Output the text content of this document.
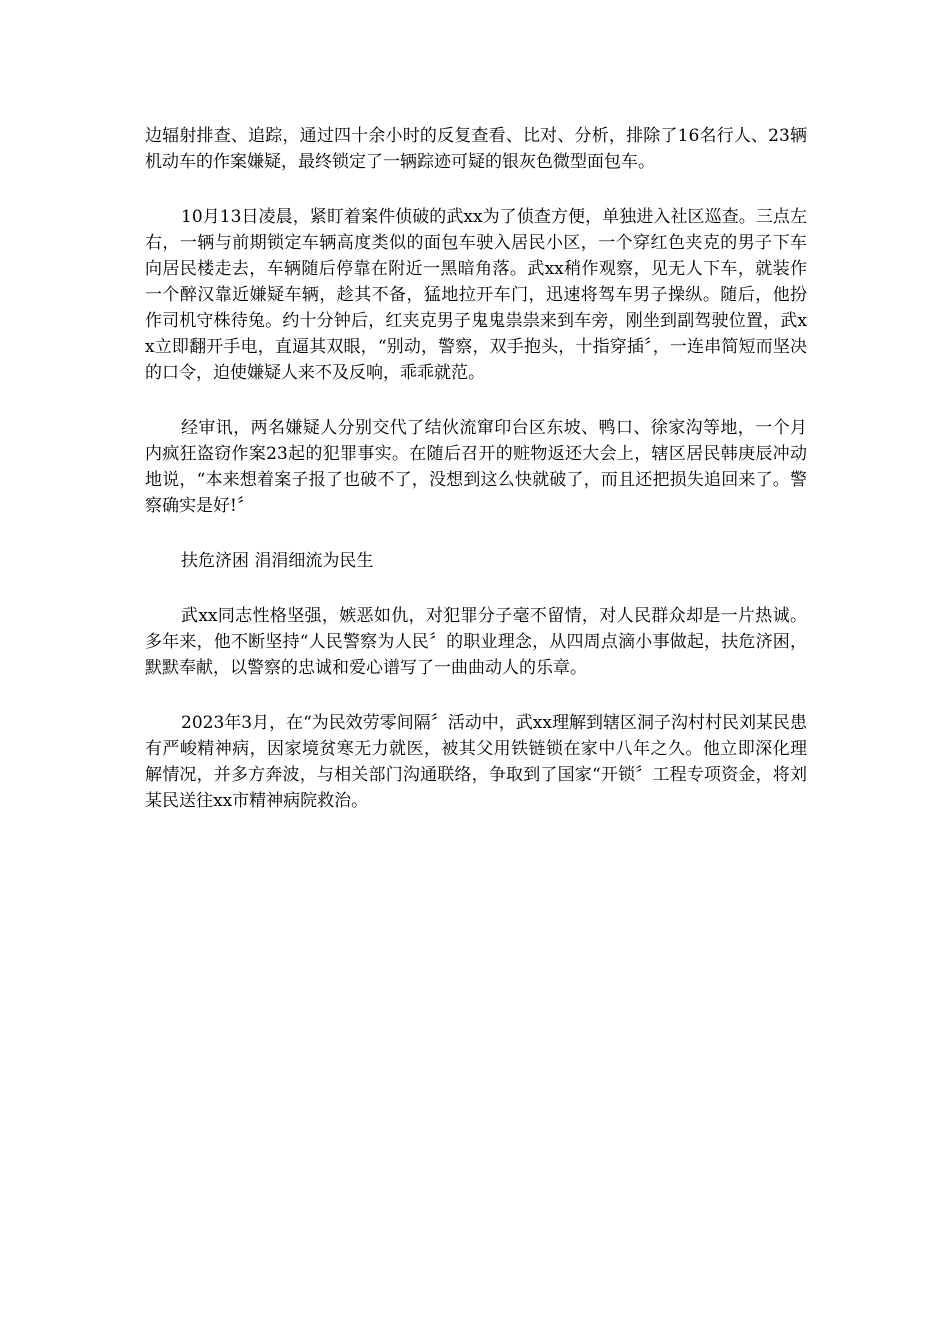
边辐射排查、追踪，通过四十余小时的反复查看、比对、分析，排除了16名行人、23辆机动车的作案嫌疑，最终锁定了一辆踪迹可疑的银灰色微型面包车。

10月13日凌晨，紧盯着案件侦破的武xx为了侦查方便，单独进入社区巡查。三点左右，一辆与前期锁定车辆高度类似的面包车驶入居民小区，一个穿红色夹克的男子下车向居民楼走去，车辆随后停靠在附近一黑暗角落。武xx稍作观察，见无人下车，就装作一个醉汉靠近嫌疑车辆，趁其不备，猛地拉开车门，迅速将驾车男子操纵。随后，他扮作司机守株待兔。约十分钟后，红夹克男子鬼鬼祟祟来到车旁，刚坐到副驾驶位置，武xx立即翻开手电，直逼其双眼，“别动，警察，双手抱头，十指穿插〞，一连串简短而坚决的口令，迫使嫌疑人来不及反响，乖乖就范。

经审讯，两名嫌疑人分别交代了结伙流窜印台区东坡、鸭口、徐家沟等地，一个月内疯狂盗窃作案23起的犯罪事实。在随后召开的赃物返还大会上，辖区居民韩庚辰冲动地说，“本来想着案子报了也破不了，没想到这么快就破了，而且还把损失追回来了。警察确实是好!〞

扶危济困 涓涓细流为民生

武xx同志性格坚强，嫉恶如仇，对犯罪分子毫不留情，对人民群众却是一片热诚。多年来，他不断坚持“人民警察为人民〞的职业理念，从四周点滴小事做起，扶危济困，默默奉献，以警察的忠诚和爱心谱写了一曲曲动人的乐章。

2023年3月，在“为民效劳零间隔〞活动中，武xx理解到辖区洞子沟村村民刘某民患有严峻精神病，因家境贫寒无力就医，被其父用铁链锁在家中八年之久。他立即深化理解情况，并多方奔波，与相关部门沟通联络，争取到了国家“开锁〞工程专项资金，将刘某民送往xx市精神病院救治。
